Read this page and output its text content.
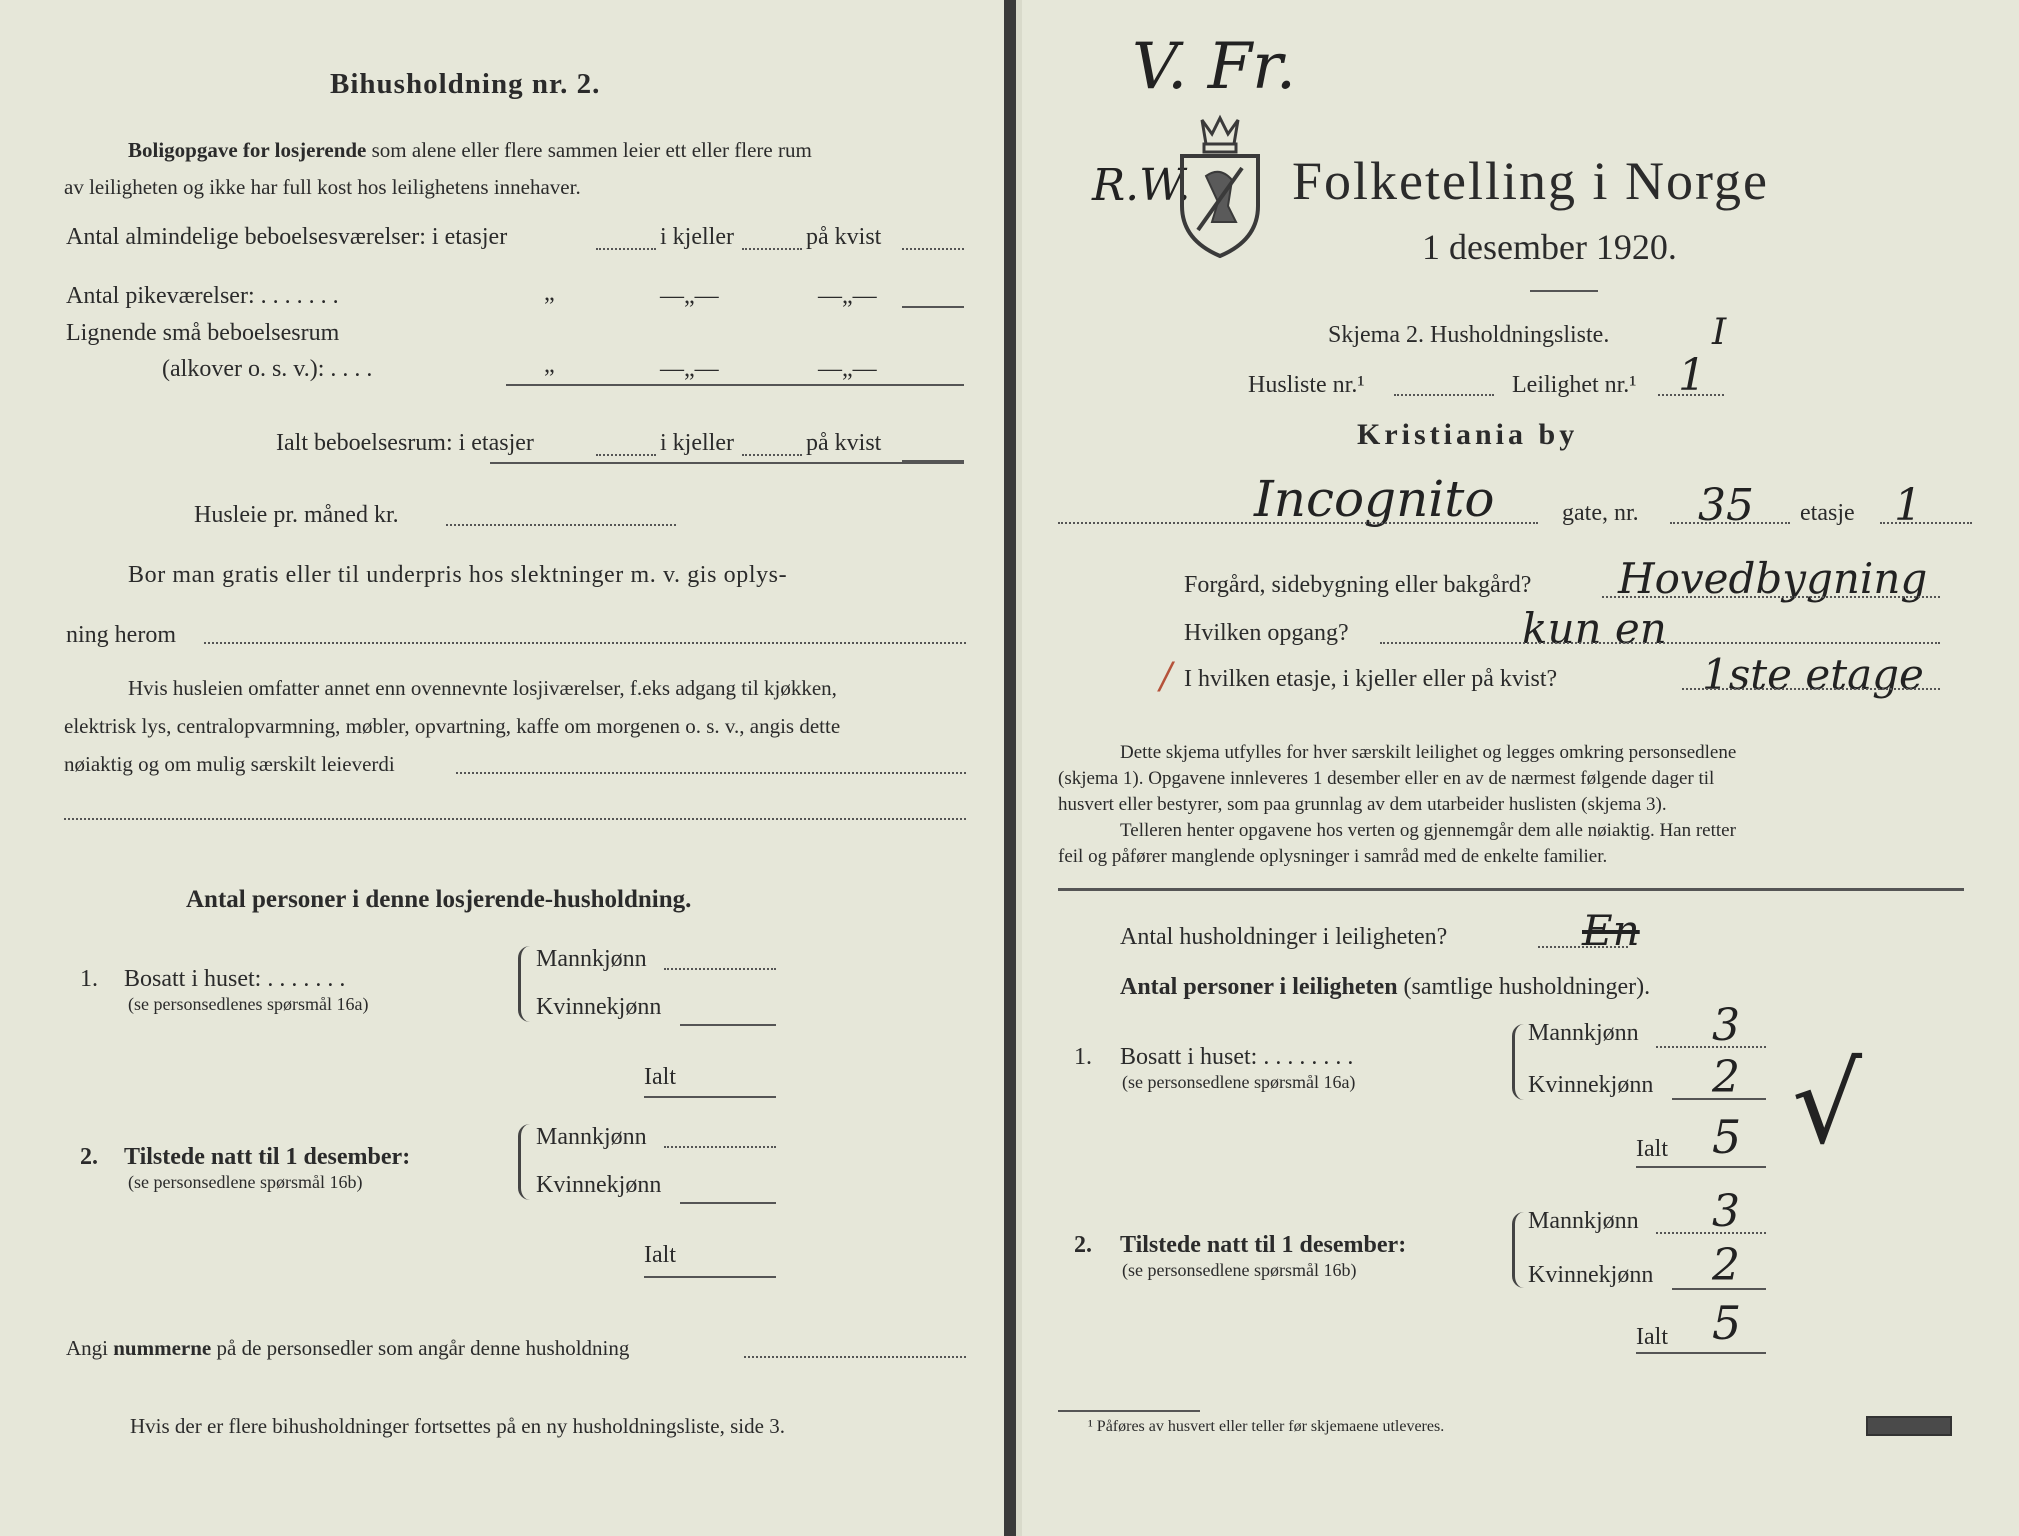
Bihusholdning nr. 2.
Boligopgave for losjerende som alene eller flere sammen leier ett eller flere rum
av leiligheten og ikke har full kost hos leilighetens innehaver.
Antal almindelige beboelsesværelser: i etasjer	i kjeller	på kvist
Antal pikeværelser: . . . . . . .	„	—„—	—„—
Lignende små beboelsesrum
(alkover o. s. v.): . . . .	„	—„—	—„—
Ialt beboelsesrum: i etasjer	i kjeller	på kvist
Husleie pr. måned kr.
Bor man gratis eller til underpris hos slektninger m. v. gis oplys-
ning herom
Hvis husleien omfatter annet enn ovennevnte losjiværelser, f.eks adgang til kjøkken,
elektrisk lys, centralopvarmning, møbler, opvartning, kaffe om morgenen o. s. v., angis dette
nøiaktig og om mulig særskilt leieverdi
Antal personer i denne losjerende-husholdning.
1. Bosatt i huset: . . . . . . .
(se personsedlenes spørsmål 16a)
Mannkjønn
Kvinnekjønn
Ialt
2. Tilstede natt til 1 desember:
(se personsedlene spørsmål 16b)
Mannkjønn
Kvinnekjønn
Ialt
Angi nummerne på de personsedler som angår denne husholdning
Hvis der er flere bihusholdninger fortsettes på en ny husholdningsliste, side 3.
V. Fr.
R.W. Folketelling i Norge
1 desember 1920.
Skjema 2. Husholdningsliste.	I
Husliste nr.¹	Leilighet nr.¹ 1
Kristiania by
Incognito	gate, nr. 35 etasje 1
Forgård, sidebygning eller bakgård? Hovedbygning
Hvilken opgang?	kun en
/ I hvilken etasje, i kjeller eller på kvist?	1ste etage
Dette skjema utfylles for hver særskilt leilighet og legges omkring personsedlene
(skjema 1). Opgavene innleveres 1 desember eller en av de nærmest følgende dager til
husvert eller bestyrer, som paa grunnlag av dem utarbeider huslisten (skjema 3).
Telleren henter opgavene hos verten og gjennemgår dem alle nøiaktig. Han retter
feil og påfører manglende oplysninger i samråd med de enkelte familier.
Antal husholdninger i leiligheten?	En
Antal personer i leiligheten (samtlige husholdninger).
1. Bosatt i huset: . . . . . . . .
(se personsedlene spørsmål 16a)
Mannkjønn 3
Kvinnekjønn 2
Ialt 5 √
2. Tilstede natt til 1 desember:
(se personsedlene spørsmål 16b)
Mannkjønn 3
Kvinnekjønn 2
Ialt 5
¹ Påføres av husvert eller teller før skjemaene utleveres.
